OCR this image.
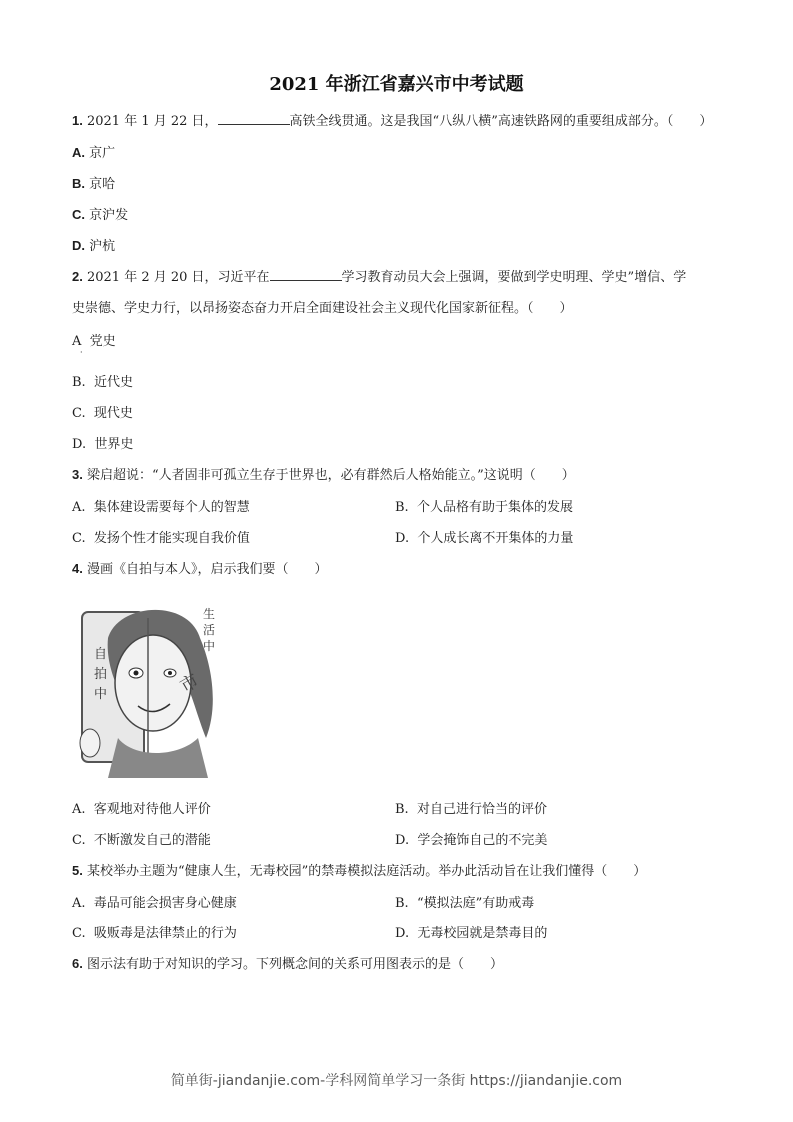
2021 年浙江省嘉兴市中考试题
1. 2021 年 1 月 22 日，	高铁全线贯通。这是我国“八纵八横”高速铁路网的重要组成部分。（　　）
A. 京广
B. 京哈
C. 京沪发
D. 沪杭
2. 2021 年 2 月 20 日，习近平在	学习教育动员大会上强调，要做到学史明理、学史”增信、学
史崇德、学史力行，以昂扬姿态奋力开启全面建设社会主义现代化国家新征程。（　　）
A 党史
·
B. 近代史
C. 现代史
D. 世界史
3. 梁启超说：“人者固非可孤立生存于世界也，必有群然后人格始能立。”这说明（　　）
A. 集体建设需要每个人的智慧	B. 个人品格有助于集体的发展
C. 发扬个性才能实现自我价值	D. 个人成长离不开集体的力量
4. 漫画《自拍与本人》，启示我们要（　　）
自拍中
生活中
市
A. 客观地对待他人评价	B. 对自己进行恰当的评价
C. 不断激发自己的潜能	D. 学会掩饰自己的不完美
5. 某校举办主题为“健康人生，无毒校园”的禁毒模拟法庭活动。举办此活动旨在让我们懂得（　　）
A. 毒品可能会损害身心健康	B. “模拟法庭”有助戒毒
C. 吸贩毒是法律禁止的行为	D. 无毒校园就是禁毒目的
6. 图示法有助于对知识的学习。下列概念间的关系可用图表示的是（　　）
简单街-jiandanjie.com-学科网简单学习一条街 https://jiandanjie.com
